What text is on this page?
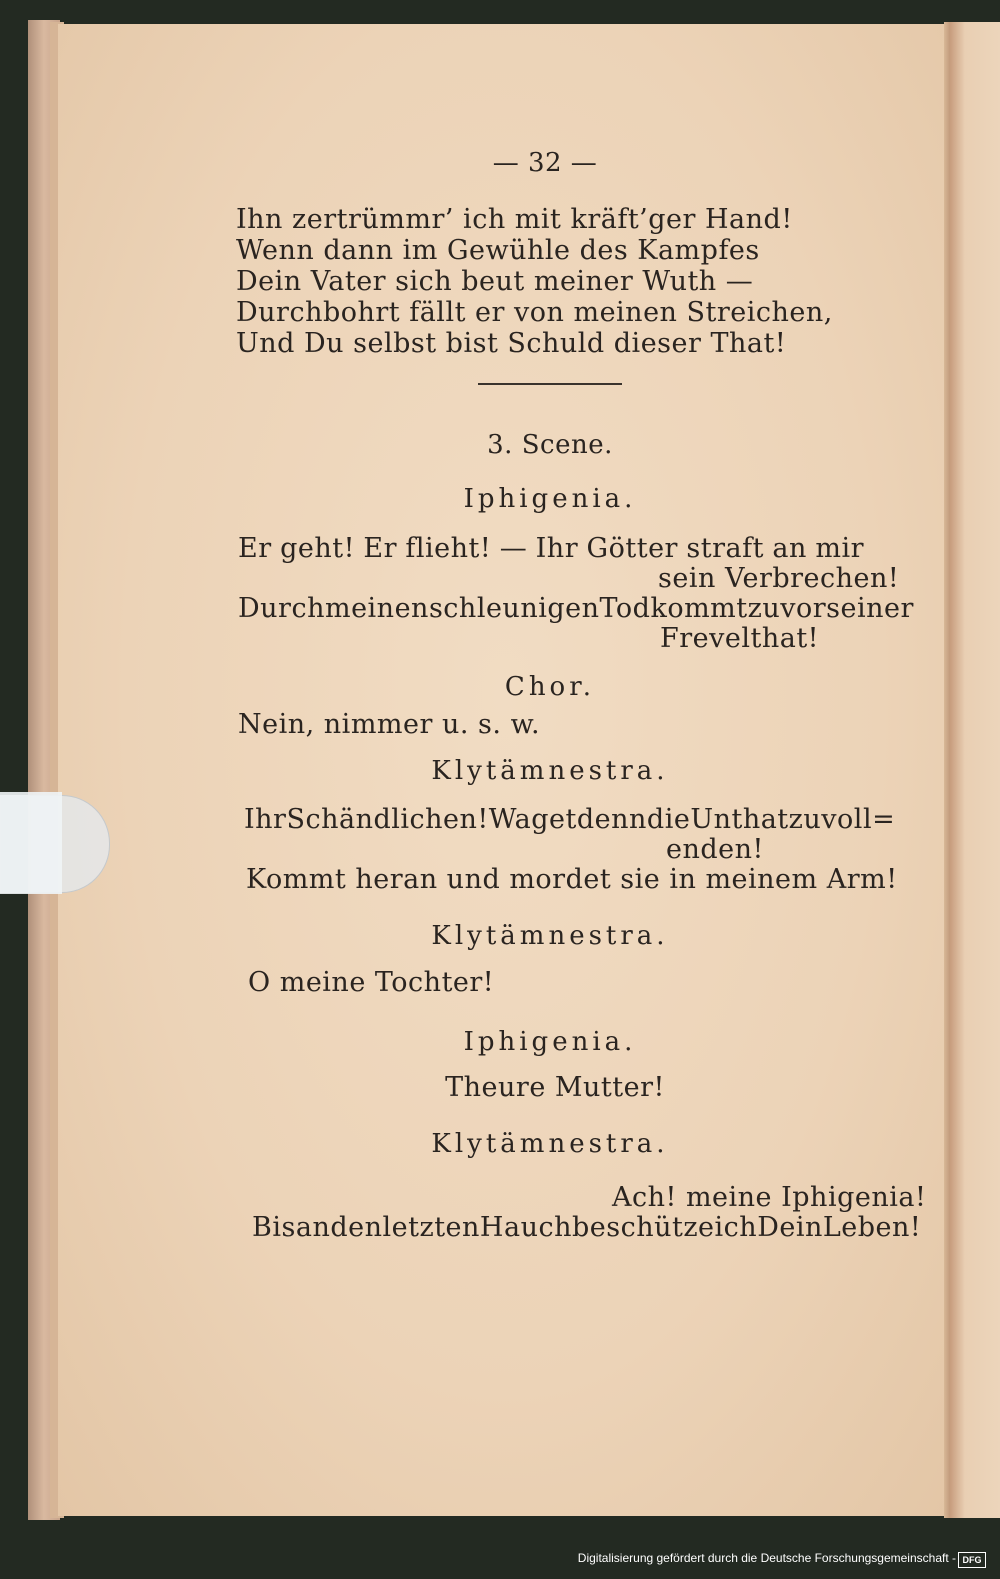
— 32 —
Ihn zertrümmr’ ich mit kräft’ger Hand!
Wenn dann im Gewühle des Kampfes
Dein Vater sich beut meiner Wuth —
Durchbohrt fällt er von meinen Streichen,
Und Du selbst bist Schuld dieser That!
3. Scene.
Iphigenia.
Er geht! Er flieht! — Ihr Götter straft an mir
sein Verbrechen!
Durch meinen schleunigen Tod kommt zuvor seiner
Frevelthat!
Chor.
Nein, nimmer u. s. w.
Klytämnestra.
Ihr Schändlichen! Waget denn die Unthat zu voll=
enden!
Kommt heran und mordet sie in meinem Arm!
Klytämnestra.
O meine Tochter!
Iphigenia.
Theure Mutter!
Klytämnestra.
Ach! meine Iphigenia!
Bis an den letzten Hauch beschütze ich Dein Leben!
Digitalisierung gefördert durch die Deutsche Forschungsgemeinschaft - DFG
